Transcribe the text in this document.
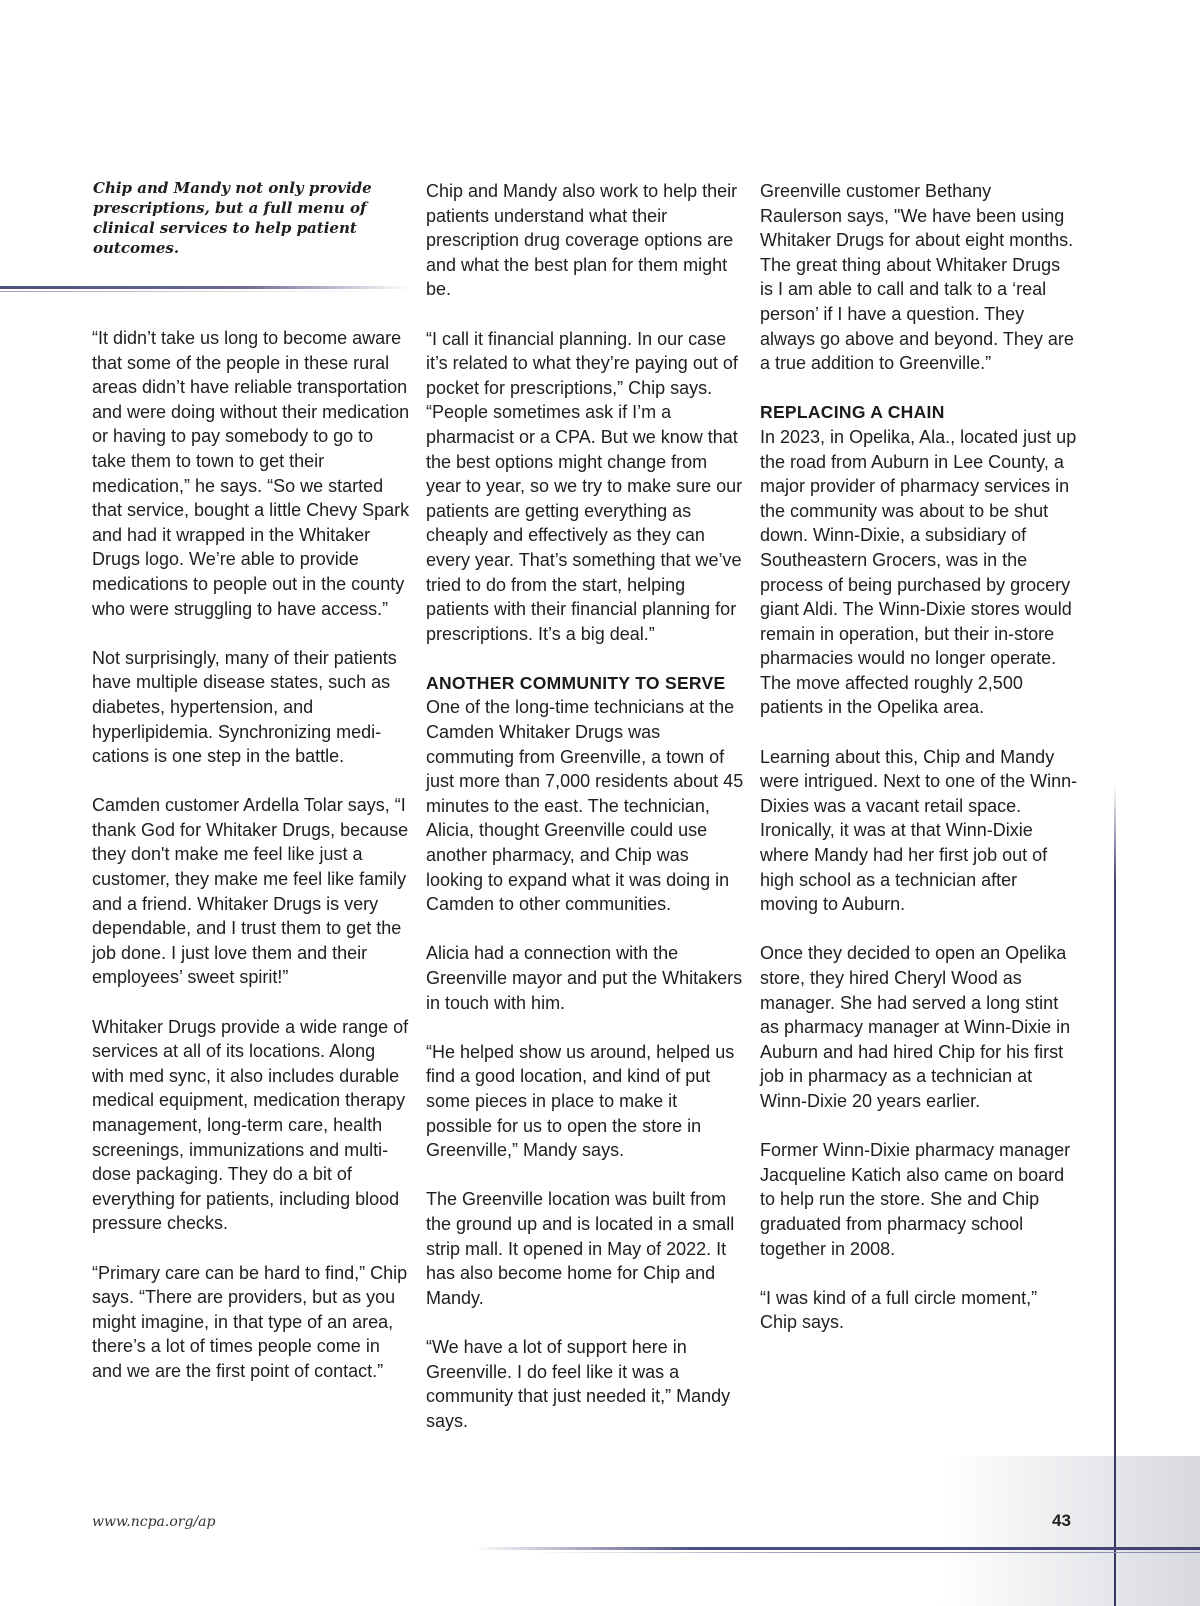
Chip and Mandy not only provide prescriptions, but a full menu of clinical services to help patient outcomes.

“It didn’t take us long to become aware that some of the people in these rural areas didn’t have reliable transportation and were doing without their medication or having to pay somebody to go to take them to town to get their medication,” he says. “So we started that service, bought a little Chevy Spark and had it wrapped in the Whitaker Drugs logo. We’re able to provide medications to people out in the county who were struggling to have access.”

Not surprisingly, many of their patients have multiple disease states, such as diabetes, hypertension, and hyperlipidemia. Synchronizing medications is one step in the battle.

Camden customer Ardella Tolar says, “I thank God for Whitaker Drugs, because they don't make me feel like just a customer, they make me feel like family and a friend. Whitaker Drugs is very dependable, and I trust them to get the job done. I just love them and their employees’ sweet spirit!”

Whitaker Drugs provide a wide range of services at all of its locations. Along with med sync, it also includes durable medical equipment, medication therapy management, long-term care, health screenings, immunizations and multi-dose packaging. They do a bit of everything for patients, including blood pressure checks.

“Primary care can be hard to find,” Chip says. “There are providers, but as you might imagine, in that type of an area, there’s a lot of times people come in and we are the first point of contact.”

Chip and Mandy also work to help their patients understand what their prescription drug coverage options are and what the best plan for them might be.

“I call it financial planning. In our case it’s related to what they’re paying out of pocket for prescriptions,” Chip says. “People sometimes ask if I’m a pharmacist or a CPA. But we know that the best options might change from year to year, so we try to make sure our patients are getting everything as cheaply and effectively as they can every year. That’s something that we’ve tried to do from the start, helping patients with their financial planning for prescriptions. It’s a big deal.”

ANOTHER COMMUNITY TO SERVE

One of the long-time technicians at the Camden Whitaker Drugs was commuting from Greenville, a town of just more than 7,000 residents about 45 minutes to the east. The technician, Alicia, thought Greenville could use another pharmacy, and Chip was looking to expand what it was doing in Camden to other communities.

Alicia had a connection with the Greenville mayor and put the Whitakers in touch with him.

“He helped show us around, helped us find a good location, and kind of put some pieces in place to make it possible for us to open the store in Greenville,” Mandy says.

The Greenville location was built from the ground up and is located in a small strip mall. It opened in May of 2022. It has also become home for Chip and Mandy.

“We have a lot of support here in Greenville. I do feel like it was a community that just needed it,” Mandy says.

Greenville customer Bethany Raulerson says, "We have been using Whitaker Drugs for about eight months. The great thing about Whitaker Drugs is I am able to call and talk to a ‘real person’ if I have a question. They always go above and beyond. They are a true addition to Greenville.”

REPLACING A CHAIN

In 2023, in Opelika, Ala., located just up the road from Auburn in Lee County, a major provider of pharmacy services in the community was about to be shut down. Winn-Dixie, a subsidiary of Southeastern Grocers, was in the process of being purchased by grocery giant Aldi. The Winn-Dixie stores would remain in operation, but their in-store pharmacies would no longer operate. The move affected roughly 2,500 patients in the Opelika area.

Learning about this, Chip and Mandy were intrigued. Next to one of the Winn-Dixies was a vacant retail space. Ironically, it was at that Winn-Dixie where Mandy had her first job out of high school as a technician after moving to Auburn.

Once they decided to open an Opelika store, they hired Cheryl Wood as manager. She had served a long stint as pharmacy manager at Winn-Dixie in Auburn and had hired Chip for his first job in pharmacy as a technician at Winn-Dixie 20 years earlier.

Former Winn-Dixie pharmacy manager Jacqueline Katich also came on board to help run the store. She and Chip graduated from pharmacy school together in 2008.

“I was kind of a full circle moment,” Chip says.

www.ncpa.org/ap	43
